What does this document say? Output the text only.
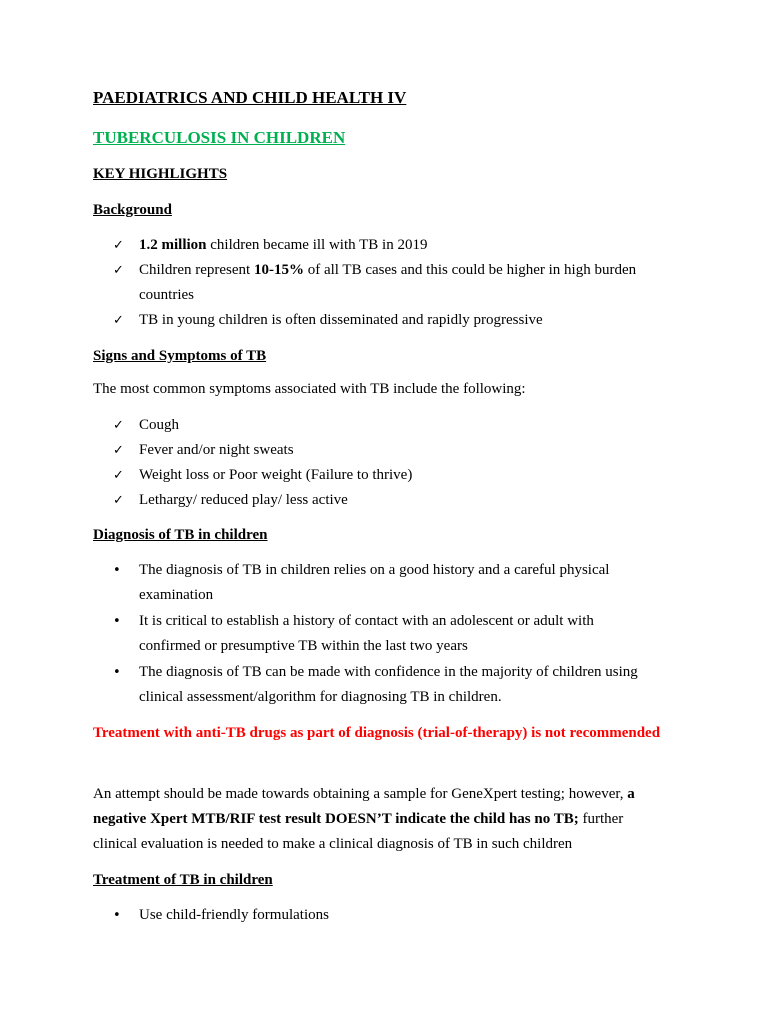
PAEDIATRICS AND CHILD HEALTH IV
TUBERCULOSIS IN CHILDREN
KEY HIGHLIGHTS
Background
✓	1.2 million children became ill with TB in 2019
✓	Children represent 10-15% of all TB cases and this could be higher in high burden countries
✓	TB in young children is often disseminated and rapidly progressive
Signs and Symptoms of TB
The most common symptoms associated with TB include the following:
✓	Cough
✓	Fever and/or night sweats
✓	Weight loss or Poor weight (Failure to thrive)
✓	Lethargy/ reduced play/ less active
Diagnosis of TB in children
•	The diagnosis of TB in children relies on a good history and a careful physical examination
•	It is critical to establish a history of contact with an adolescent or adult with confirmed or presumptive TB within the last two years
•	The diagnosis of TB can be made with confidence in the majority of children using clinical assessment/algorithm for diagnosing TB in children.
Treatment with anti-TB drugs as part of diagnosis (trial-of-therapy) is not recommended
An attempt should be made towards obtaining a sample for GeneXpert testing; however, a negative Xpert MTB/RIF test result DOESN’T indicate the child has no TB; further clinical evaluation is needed to make a clinical diagnosis of TB in such children
Treatment of TB in children
•	Use child-friendly formulations
